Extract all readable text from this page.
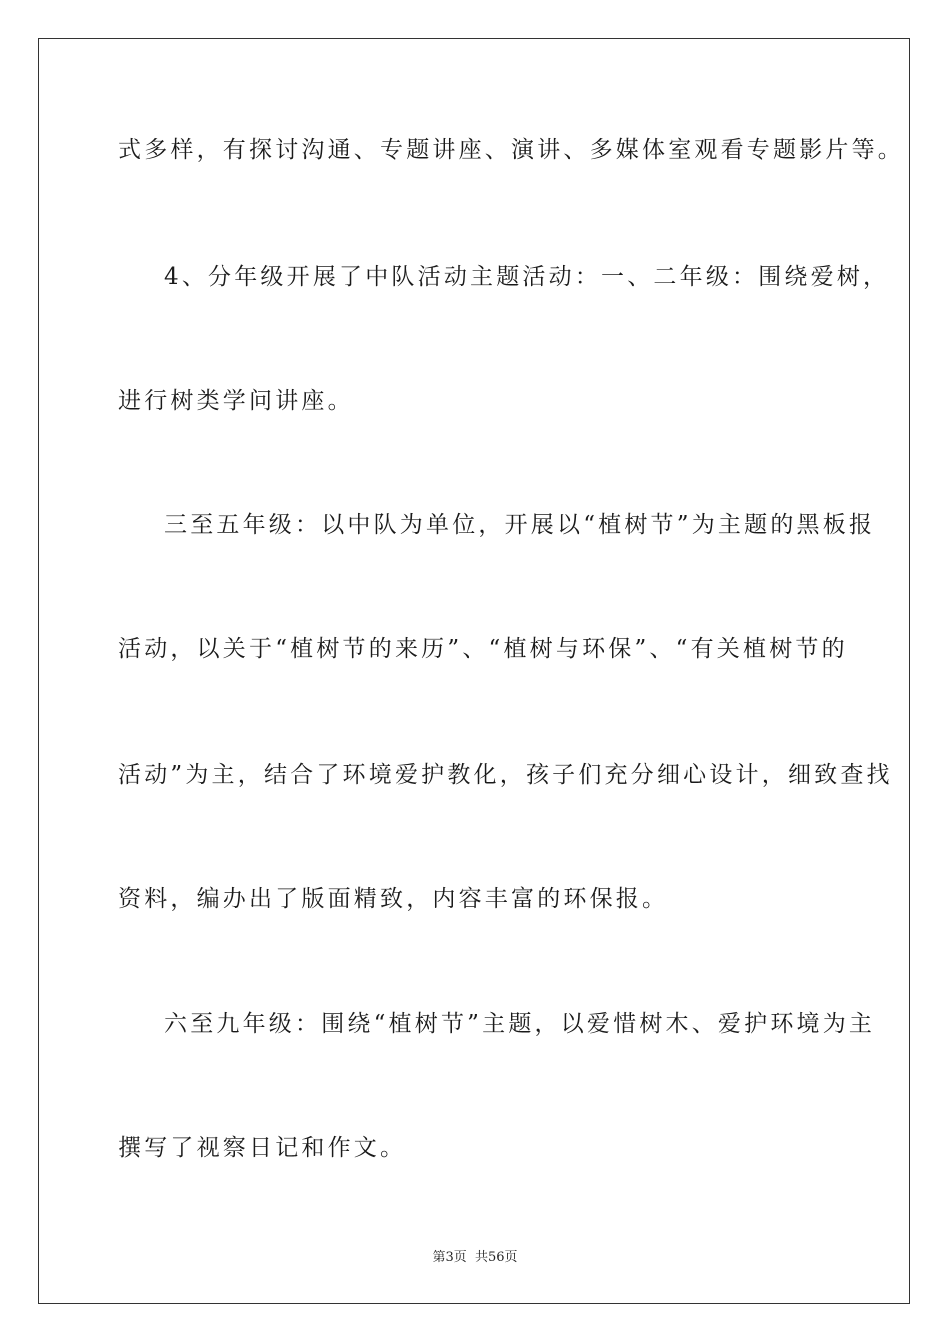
式多样，有探讨沟通、专题讲座、演讲、多媒体室观看专题影片等。
4、分年级开展了中队活动主题活动：一、二年级：围绕爱树，
进行树类学问讲座。
三至五年级：以中队为单位，开展以“植树节”为主题的黑板报
活动，以关于“植树节的来历”、“植树与环保”、“有关植树节的
活动”为主，结合了环境爱护教化，孩子们充分细心设计，细致查找
资料，编办出了版面精致，内容丰富的环保报。
六至九年级：围绕“植树节”主题，以爱惜树木、爱护环境为主
撰写了视察日记和作文。
第3页  共56页
